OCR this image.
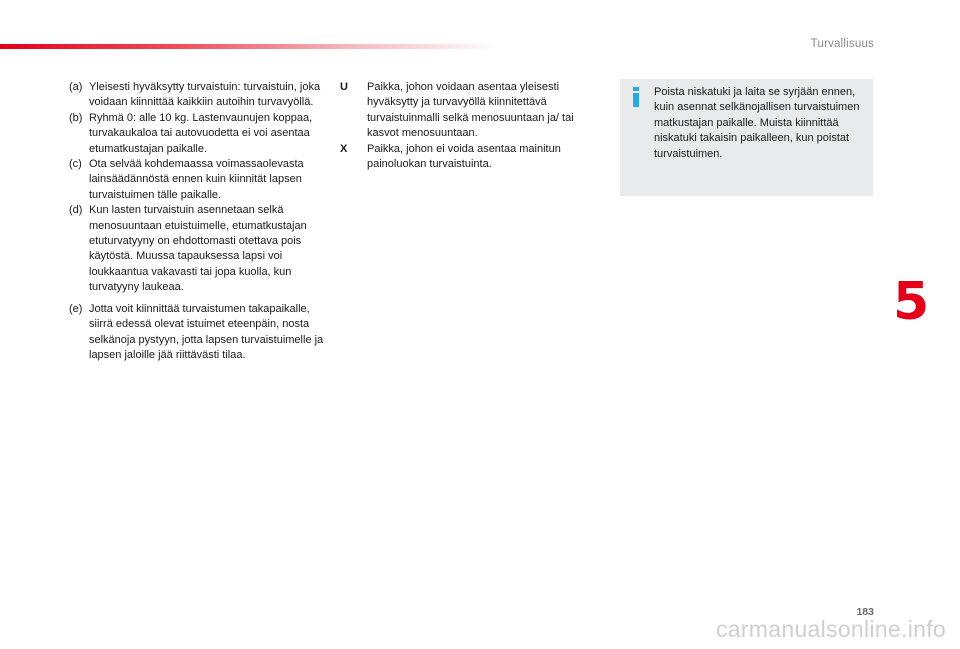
Turvallisuus
(a) Yleisesti hyväksytty turvaistuin: turvaistuin, joka voidaan kiinnittää kaikkiin autoihin turvavyöllä.
(b) Ryhmä 0: alle 10 kg. Lastenvaunujen koppaa, turvakaukaloa tai autovuodetta ei voi asentaa etumatkustajan paikalle.
(c) Ota selvää kohdemaassa voimassaolevasta lainsäädännöstä ennen kuin kiinnität lapsen turvaistuimen tälle paikalle.
(d) Kun lasten turvaistuin asennetaan selkä menosuuntaan etuistuimelle, etumatkustajan etuturvatyyny on ehdottomasti otettava pois käytöstä. Muussa tapauksessa lapsi voi loukkaantua vakavasti tai jopa kuolla, kun turvatyyny laukeaa.
(e) Jotta voit kiinnittää turvaistumen takapaikalle, siirrä edessä olevat istuimet eteenpäin, nosta selkänoja pystyyn, jotta lapsen turvaistuimelle ja lapsen jaloille jää riittävästi tilaa.
U	Paikka, johon voidaan asentaa yleisesti hyväksytty ja turvavyöllä kiinnitettävä turvaistuinmalli selkä menosuuntaan ja/ tai kasvot menosuuntaan.
X	Paikka, johon ei voida asentaa mainitun painoluokan turvaistuinta.
Poista niskatuki ja laita se syrjään ennen, kuin asennat selkänojallisen turvaistuimen matkustajan paikalle. Muista kiinnittää niskatuki takaisin paikalleen, kun poistat turvaistuimen.
5
183
carmanualsonline.info
